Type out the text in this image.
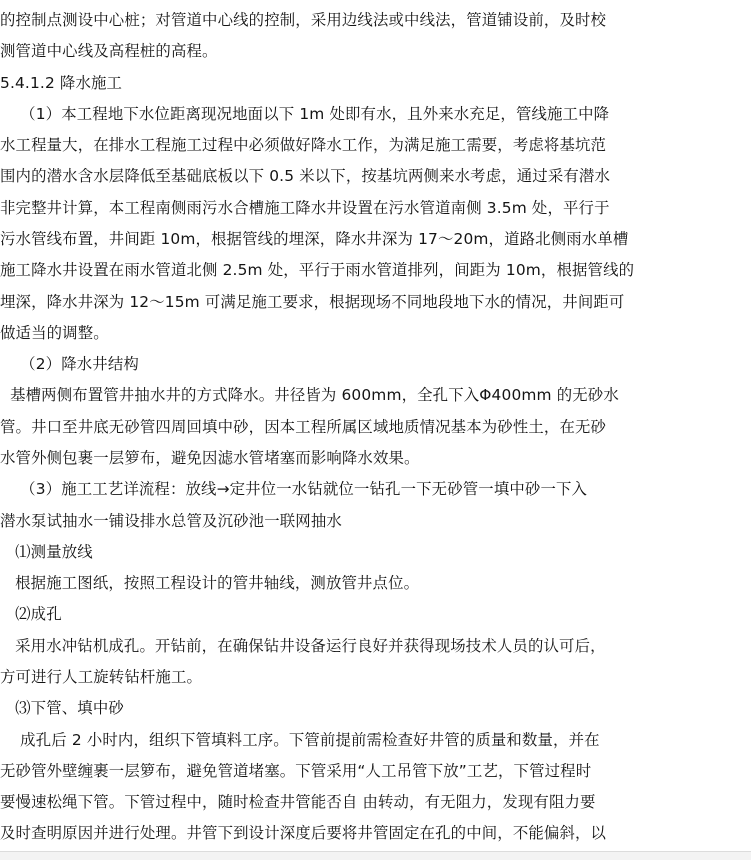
的控制点测设中心桩；对管道中心线的控制，采用边线法或中线法，管道铺设前，及时校
测管道中心线及高程桩的高程。
5.4.1.2 降水施工
（1）本工程地下水位距离现况地面以下 1m 处即有水，且外来水充足，管线施工中降
水工程量大，在排水工程施工过程中必须做好降水工作，为满足施工需要，考虑将基坑范
围内的潜水含水层降低至基础底板以下 0.5 米以下，按基坑两侧来水考虑，通过采有潜水
非完整井计算，本工程南侧雨污水合槽施工降水井设置在污水管道南侧 3.5m 处，平行于
污水管线布置，井间距 10m，根据管线的埋深，降水井深为 17～20m，道路北侧雨水单槽
施工降水井设置在雨水管道北侧 2.5m 处，平行于雨水管道排列，间距为 10m，根据管线的
埋深，降水井深为 12～15m 可满足施工要求，根据现场不同地段地下水的情况，井间距可
做适当的调整。
（2）降水井结构
基槽两侧布置管井抽水井的方式降水。井径皆为 600mm，全孔下入Φ400mm 的无砂水
管。井口至井底无砂管四周回填中砂，因本工程所属区域地质情况基本为砂性土，在无砂
水管外侧包裹一层箩布，避免因滤水管堵塞而影响降水效果。
（3）施工工艺详流程：放线→定井位一水钻就位一钻孔一下无砂管一填中砂一下入
潜水泵试抽水一铺设排水总管及沉砂池一联网抽水
⑴测量放线
根据施工图纸，按照工程设计的管井轴线，测放管井点位。
⑵成孔
采用水冲钻机成孔。开钻前，在确保钻井设备运行良好并获得现场技术人员的认可后，
方可进行人工旋转钻杆施工。
⑶下管、填中砂
成孔后 2 小时内，组织下管填料工序。下管前提前需检查好井管的质量和数量，并在
无砂管外壁缠裹一层箩布，避免管道堵塞。下管采用“人工吊管下放”工艺，下管过程时
要慢速松绳下管。下管过程中，随时检查井管能否自 由转动，有无阻力，发现有阻力要
及时查明原因并进行处理。井管下到设计深度后要将井管固定在孔的中间，不能偏斜，以
